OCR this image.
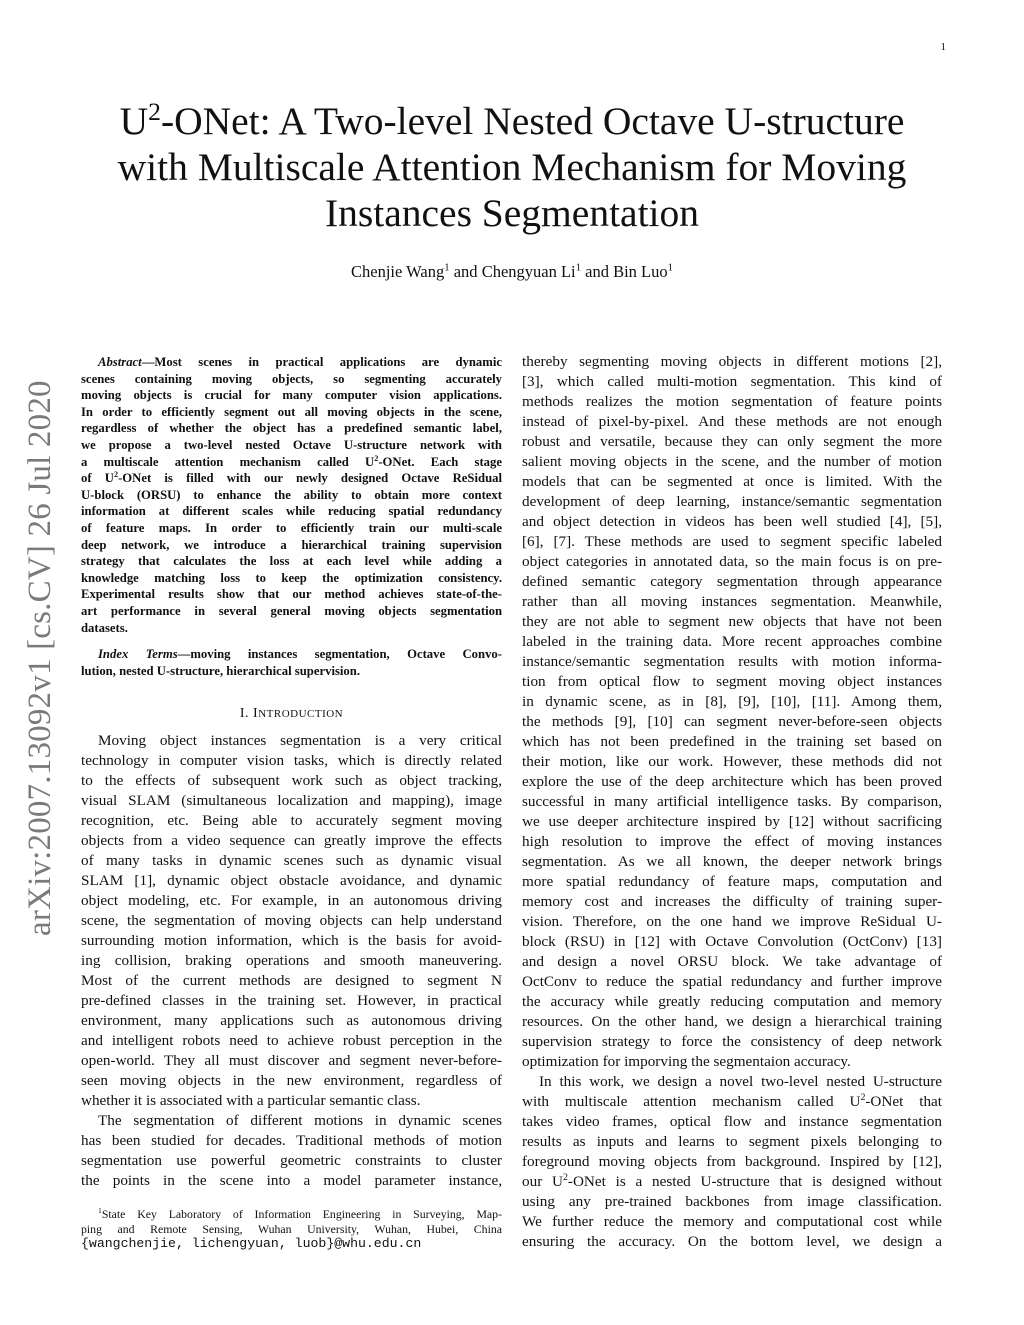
1
$U^2$-ONet: A Two-level Nested Octave U-structure
with Multiscale Attention Mechanism for Moving
Instances Segmentation
Chenjie Wang$^1$ and Chengyuan Li$^1$ and Bin Luo$^1$
arXiv:2007.13092v1 [cs.CV] 26 Jul 2020
Abstract—Most scenes in practical applications are dynamic
scenes containing moving objects, so segmenting accurately
moving objects is crucial for many computer vision applications.
In order to efficiently segment out all moving objects in the scene,
regardless of whether the object has a predefined semantic label,
we propose a two-level nested Octave U-structure network with
a multiscale attention mechanism called $U^2$-ONet. Each stage
of $U^2$-ONet is filled with our newly designed Octave ReSidual
U-block (ORSU) to enhance the ability to obtain more context
information at different scales while reducing spatial redundancy
of feature maps. In order to efficiently train our multi-scale
deep network, we introduce a hierarchical training supervision
strategy that calculates the loss at each level while adding a
knowledge matching loss to keep the optimization consistency.
Experimental results show that our method achieves state-of-the-
art performance in several general moving objects segmentation
datasets.
Index Terms—moving instances segmentation, Octave Convo-
lution, nested U-structure, hierarchical supervision.
I. INTRODUCTION
Moving object instances segmentation is a very critical
technology in computer vision tasks, which is directly related
to the effects of subsequent work such as object tracking,
visual SLAM (simultaneous localization and mapping), image
recognition, etc. Being able to accurately segment moving
objects from a video sequence can greatly improve the effects
of many tasks in dynamic scenes such as dynamic visual
SLAM [1], dynamic object obstacle avoidance, and dynamic
object modeling, etc. For example, in an autonomous driving
scene, the segmentation of moving objects can help understand
surrounding motion information, which is the basis for avoid-
ing collision, braking operations and smooth maneuvering.
Most of the current methods are designed to segment N
pre-defined classes in the training set. However, in practical
environment, many applications such as autonomous driving
and intelligent robots need to achieve robust perception in the
open-world. They all must discover and segment never-before-
seen moving objects in the new environment, regardless of
whether it is associated with a particular semantic class.
The segmentation of different motions in dynamic scenes
has been studied for decades. Traditional methods of motion
segmentation use powerful geometric constraints to cluster
the points in the scene into a model parameter instance,
$^1$State Key Laboratory of Information Engineering in Surveying, Map-
ping and Remote Sensing, Wuhan University, Wuhan, Hubei, China
{wangchenjie, lichengyuan, luob}@whu.edu.cn
thereby segmenting moving objects in different motions [2],
[3], which called multi-motion segmentation. This kind of
methods realizes the motion segmentation of feature points
instead of pixel-by-pixel. And these methods are not enough
robust and versatile, because they can only segment the more
salient moving objects in the scene, and the number of motion
models that can be segmented at once is limited. With the
development of deep learning, instance/semantic segmentation
and object detection in videos has been well studied [4], [5],
[6], [7]. These methods are used to segment specific labeled
object categories in annotated data, so the main focus is on pre-
defined semantic category segmentation through appearance
rather than all moving instances segmentation. Meanwhile,
they are not able to segment new objects that have not been
labeled in the training data. More recent approaches combine
instance/semantic segmentation results with motion informa-
tion from optical flow to segment moving object instances
in dynamic scene, as in [8], [9], [10], [11]. Among them,
the methods [9], [10] can segment never-before-seen objects
which has not been predefined in the training set based on
their motion, like our work. However, these methods did not
explore the use of the deep architecture which has been proved
successful in many artificial intelligence tasks. By comparison,
we use deeper architecture inspired by [12] without sacrificing
high resolution to improve the effect of moving instances
segmentation. As we all known, the deeper network brings
more spatial redundancy of feature maps, computation and
memory cost and increases the difficulty of training super-
vision. Therefore, on the one hand we improve ReSidual U-
block (RSU) in [12] with Octave Convolution (OctConv) [13]
and design a novel ORSU block. We take advantage of
OctConv to reduce the spatial redundancy and further improve
the accuracy while greatly reducing computation and memory
resources. On the other hand, we design a hierarchical training
supervision strategy to force the consistency of deep network
optimization for imporving the segmentaion accuracy.
In this work, we design a novel two-level nested U-structure
with multiscale attention mechanism called $U^2$-ONet that
takes video frames, optical flow and instance segmentation
results as inputs and learns to segment pixels belonging to
foreground moving objects from background. Inspired by [12],
our $U^2$-ONet is a nested U-structure that is designed without
using any pre-trained backbones from image classification.
We further reduce the memory and computational cost while
ensuring the accuracy. On the bottom level, we design a
